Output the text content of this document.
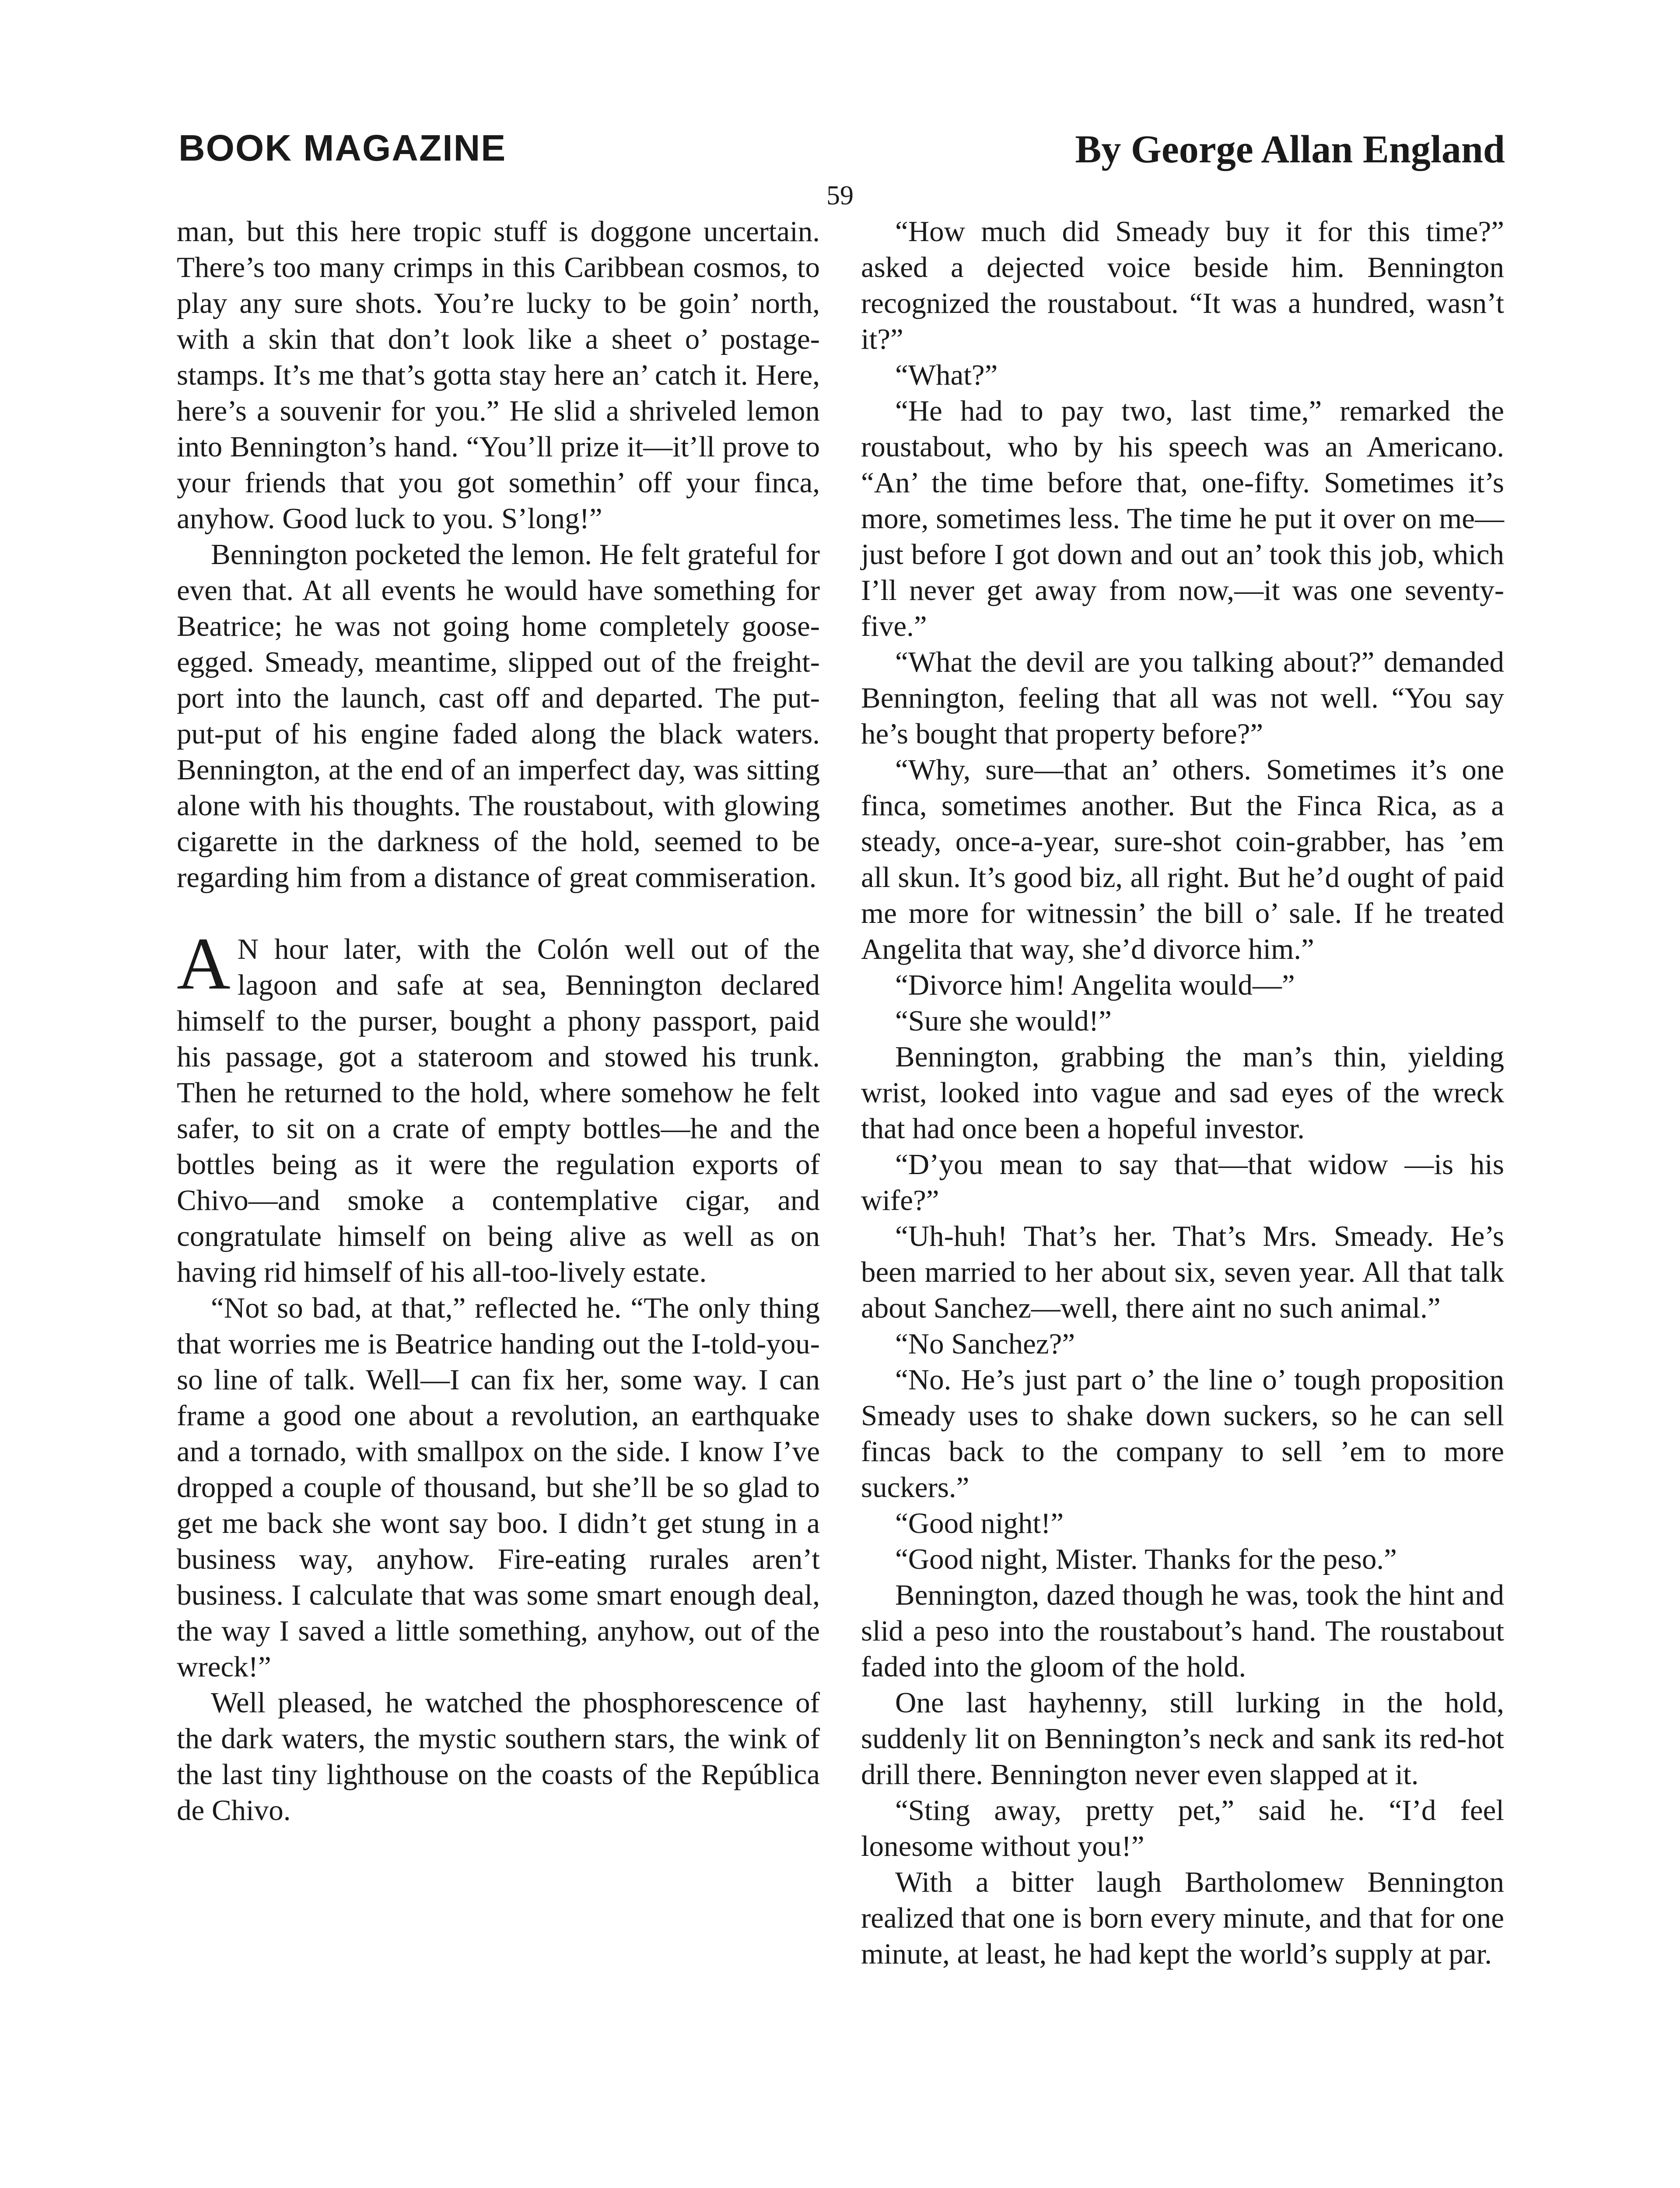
BOOK MAGAZINE	By George Allan England
59

man, but this here tropic stuff is doggone uncertain. There’s too many crimps in this Caribbean cosmos, to play any sure shots. You’re lucky to be goin’ north, with a skin that don’t look like a sheet o’ postage-stamps. It’s me that’s gotta stay here an’ catch it. Here, here’s a souvenir for you.” He slid a shriveled lemon into Bennington’s hand. “You’ll prize it—it’ll prove to your friends that you got somethin’ off your finca, anyhow. Good luck to you. S’long!”

Bennington pocketed the lemon. He felt grateful for even that. At all events he would have something for Beatrice; he was not going home completely goose-egged. Smeady, meantime, slipped out of the freight-port into the launch, cast off and departed. The put-put-put of his engine faded along the black waters. Bennington, at the end of an imperfect day, was sitting alone with his thoughts. The roustabout, with glowing cigarette in the darkness of the hold, seemed to be regarding him from a distance of great commiseration.

A N hour later, with the Colón well out of the lagoon and safe at sea, Bennington declared himself to the purser, bought a phony passport, paid his passage, got a stateroom and stowed his trunk. Then he returned to the hold, where somehow he felt safer, to sit on a crate of empty bottles—he and the bottles being as it were the regulation exports of Chivo—and smoke a contemplative cigar, and congratulate himself on being alive as well as on having rid himself of his all-too-lively estate.

“Not so bad, at that,” reflected he. “The only thing that worries me is Beatrice handing out the I-told-you-so line of talk. Well—I can fix her, some way. I can frame a good one about a revolution, an earthquake and a tornado, with smallpox on the side. I know I’ve dropped a couple of thousand, but she’ll be so glad to get me back she wont say boo. I didn’t get stung in a business way, anyhow. Fire-eating rurales aren’t business. I calculate that was some smart enough deal, the way I saved a little something, anyhow, out of the wreck!”

Well pleased, he watched the phosphorescence of the dark waters, the mystic southern stars, the wink of the last tiny lighthouse on the coasts of the República de Chivo.

“How much did Smeady buy it for this time?” asked a dejected voice beside him. Bennington recognized the roustabout. “It was a hundred, wasn’t it?”

“What?”

“He had to pay two, last time,” remarked the roustabout, who by his speech was an Americano. “An’ the time before that, one-fifty. Sometimes it’s more, sometimes less. The time he put it over on me—just before I got down and out an’ took this job, which I’ll never get away from now,—it was one seventy-five.”

“What the devil are you talking about?” demanded Bennington, feeling that all was not well. “You say he’s bought that property before?”

“Why, sure—that an’ others. Sometimes it’s one finca, sometimes another. But the Finca Rica, as a steady, once-a-year, sure-shot coin-grabber, has ’em all skun. It’s good biz, all right. But he’d ought of paid me more for witnessin’ the bill o’ sale. If he treated Angelita that way, she’d divorce him.”

“Divorce him! Angelita would—”

“Sure she would!”

Bennington, grabbing the man’s thin, yielding wrist, looked into vague and sad eyes of the wreck that had once been a hopeful investor.

“D’you mean to say that—that widow —is his wife?”

“Uh-huh! That’s her. That’s Mrs. Smeady. He’s been married to her about six, seven year. All that talk about Sanchez—well, there aint no such animal.”

“No Sanchez?”

“No. He’s just part o’ the line o’ tough proposition Smeady uses to shake down suckers, so he can sell fincas back to the company to sell ’em to more suckers.”

“Good night!”

“Good night, Mister. Thanks for the peso.”

Bennington, dazed though he was, took the hint and slid a peso into the roustabout’s hand. The roustabout faded into the gloom of the hold.

One last hayhenny, still lurking in the hold, suddenly lit on Bennington’s neck and sank its red-hot drill there. Bennington never even slapped at it.

“Sting away, pretty pet,” said he. “I’d feel lonesome without you!”

With a bitter laugh Bartholomew Bennington realized that one is born every minute, and that for one minute, at least, he had kept the world’s supply at par.
